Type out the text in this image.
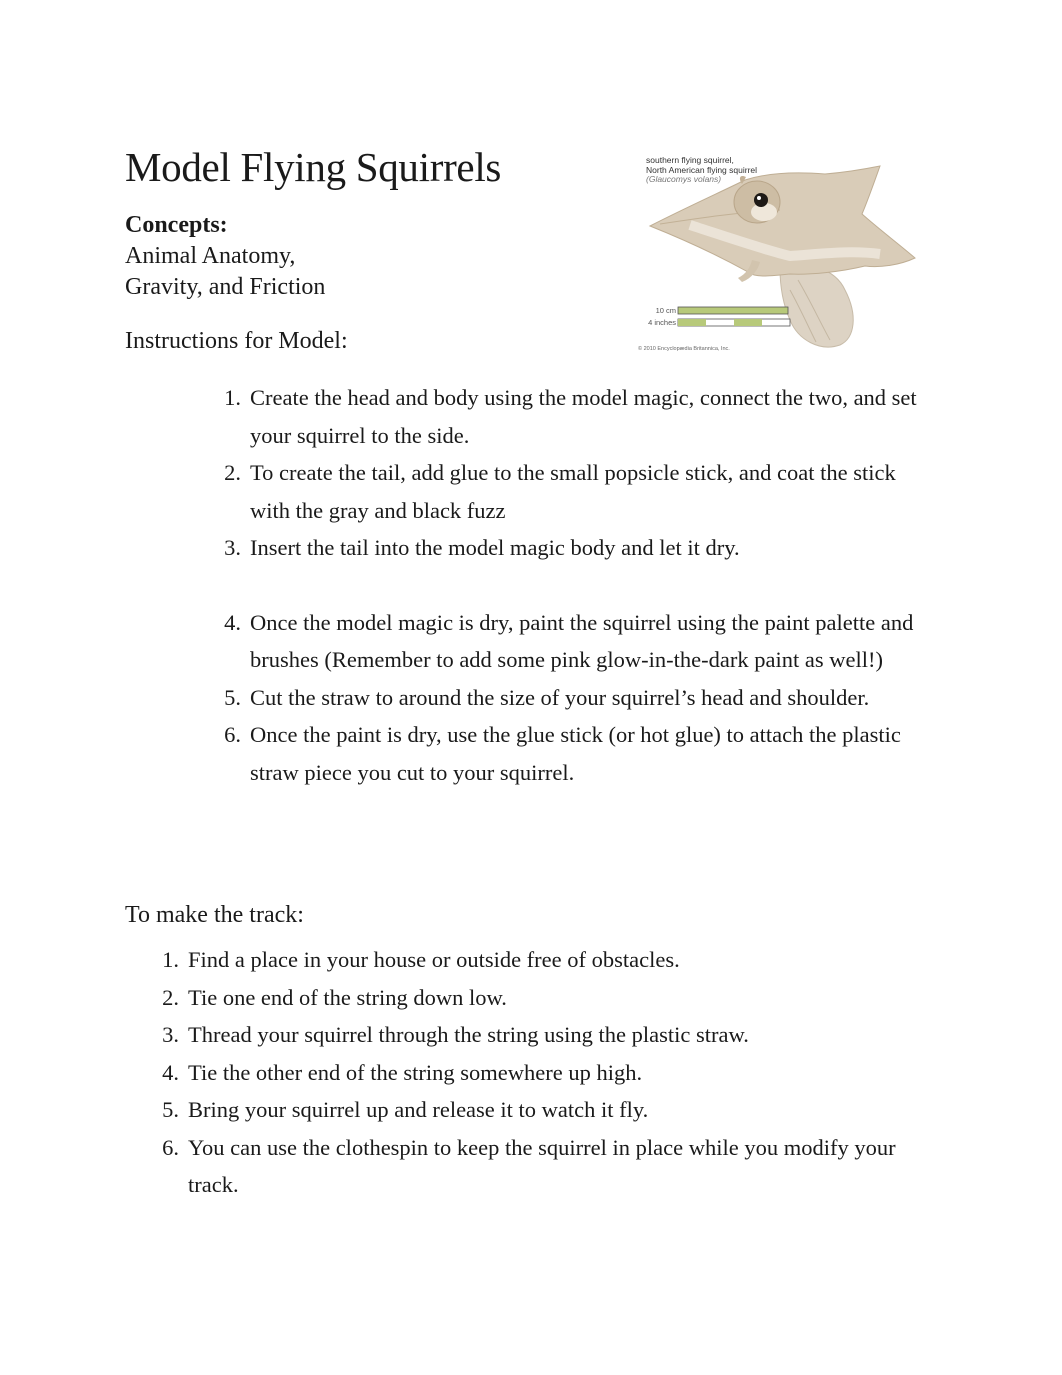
Model Flying Squirrels
Concepts:
Animal Anatomy,
Gravity, and Friction
southern flying squirrel,
North American flying squirrel
(Glaucomys volans)
10 cm
4 inches
© 2010 Encyclopædia Britannica, Inc.
Instructions for Model:
1. Create the head and body using the model magic, connect the two, and set your squirrel to the side.
2. To create the tail, add glue to the small popsicle stick, and coat the stick with the gray and black fuzz
3. Insert the tail into the model magic body and let it dry.
4. Once the model magic is dry, paint the squirrel using the paint palette and brushes (Remember to add some pink glow-in-the-dark paint as well!)
5. Cut the straw to around the size of your squirrel’s head and shoulder.
6. Once the paint is dry, use the glue stick (or hot glue) to attach the plastic straw piece you cut to your squirrel.
To make the track:
1. Find a place in your house or outside free of obstacles.
2. Tie one end of the string down low.
3. Thread your squirrel through the string using the plastic straw.
4. Tie the other end of the string somewhere up high.
5. Bring your squirrel up and release it to watch it fly.
6. You can use the clothespin to keep the squirrel in place while you modify your track.
